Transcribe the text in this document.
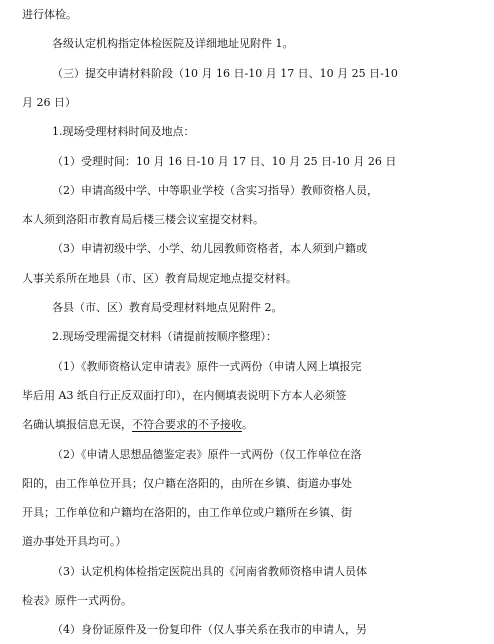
进行体检。
各级认定机构指定体检医院及详细地址见附件 1。
（三）提交申请材料阶段（10 月 16 日-10 月 17 日、10 月 25 日-10
月 26 日）
1.现场受理材料时间及地点：
（1）受理时间：10 月 16 日-10 月 17 日、10 月 25 日-10 月 26 日
（2）申请高级中学、中等职业学校（含实习指导）教师资格人员，
本人须到洛阳市教育局后楼三楼会议室提交材料。
（3）申请初级中学、小学、幼儿园教师资格者，本人须到户籍或
人事关系所在地县（市、区）教育局规定地点提交材料。
各县（市、区）教育局受理材料地点见附件 2。
2.现场受理需提交材料（请提前按顺序整理）：
（1）《教师资格认定申请表》原件一式两份（申请人网上填报完
毕后用 A3 纸自行正反双面打印），在内侧填表说明下方本人必须签
名确认填报信息无误，不符合要求的不予接收。
（2）《申请人思想品德鉴定表》原件一式两份（仅工作单位在洛
阳的，由工作单位开具；仅户籍在洛阳的，由所在乡镇、街道办事处
开具；工作单位和户籍均在洛阳的，由工作单位或户籍所在乡镇、街
道办事处开具均可。）
（3）认定机构体检指定医院出具的《河南省教师资格申请人员体
检表》原件一式两份。
（4）身份证原件及一份复印件（仅人事关系在我市的申请人，另
